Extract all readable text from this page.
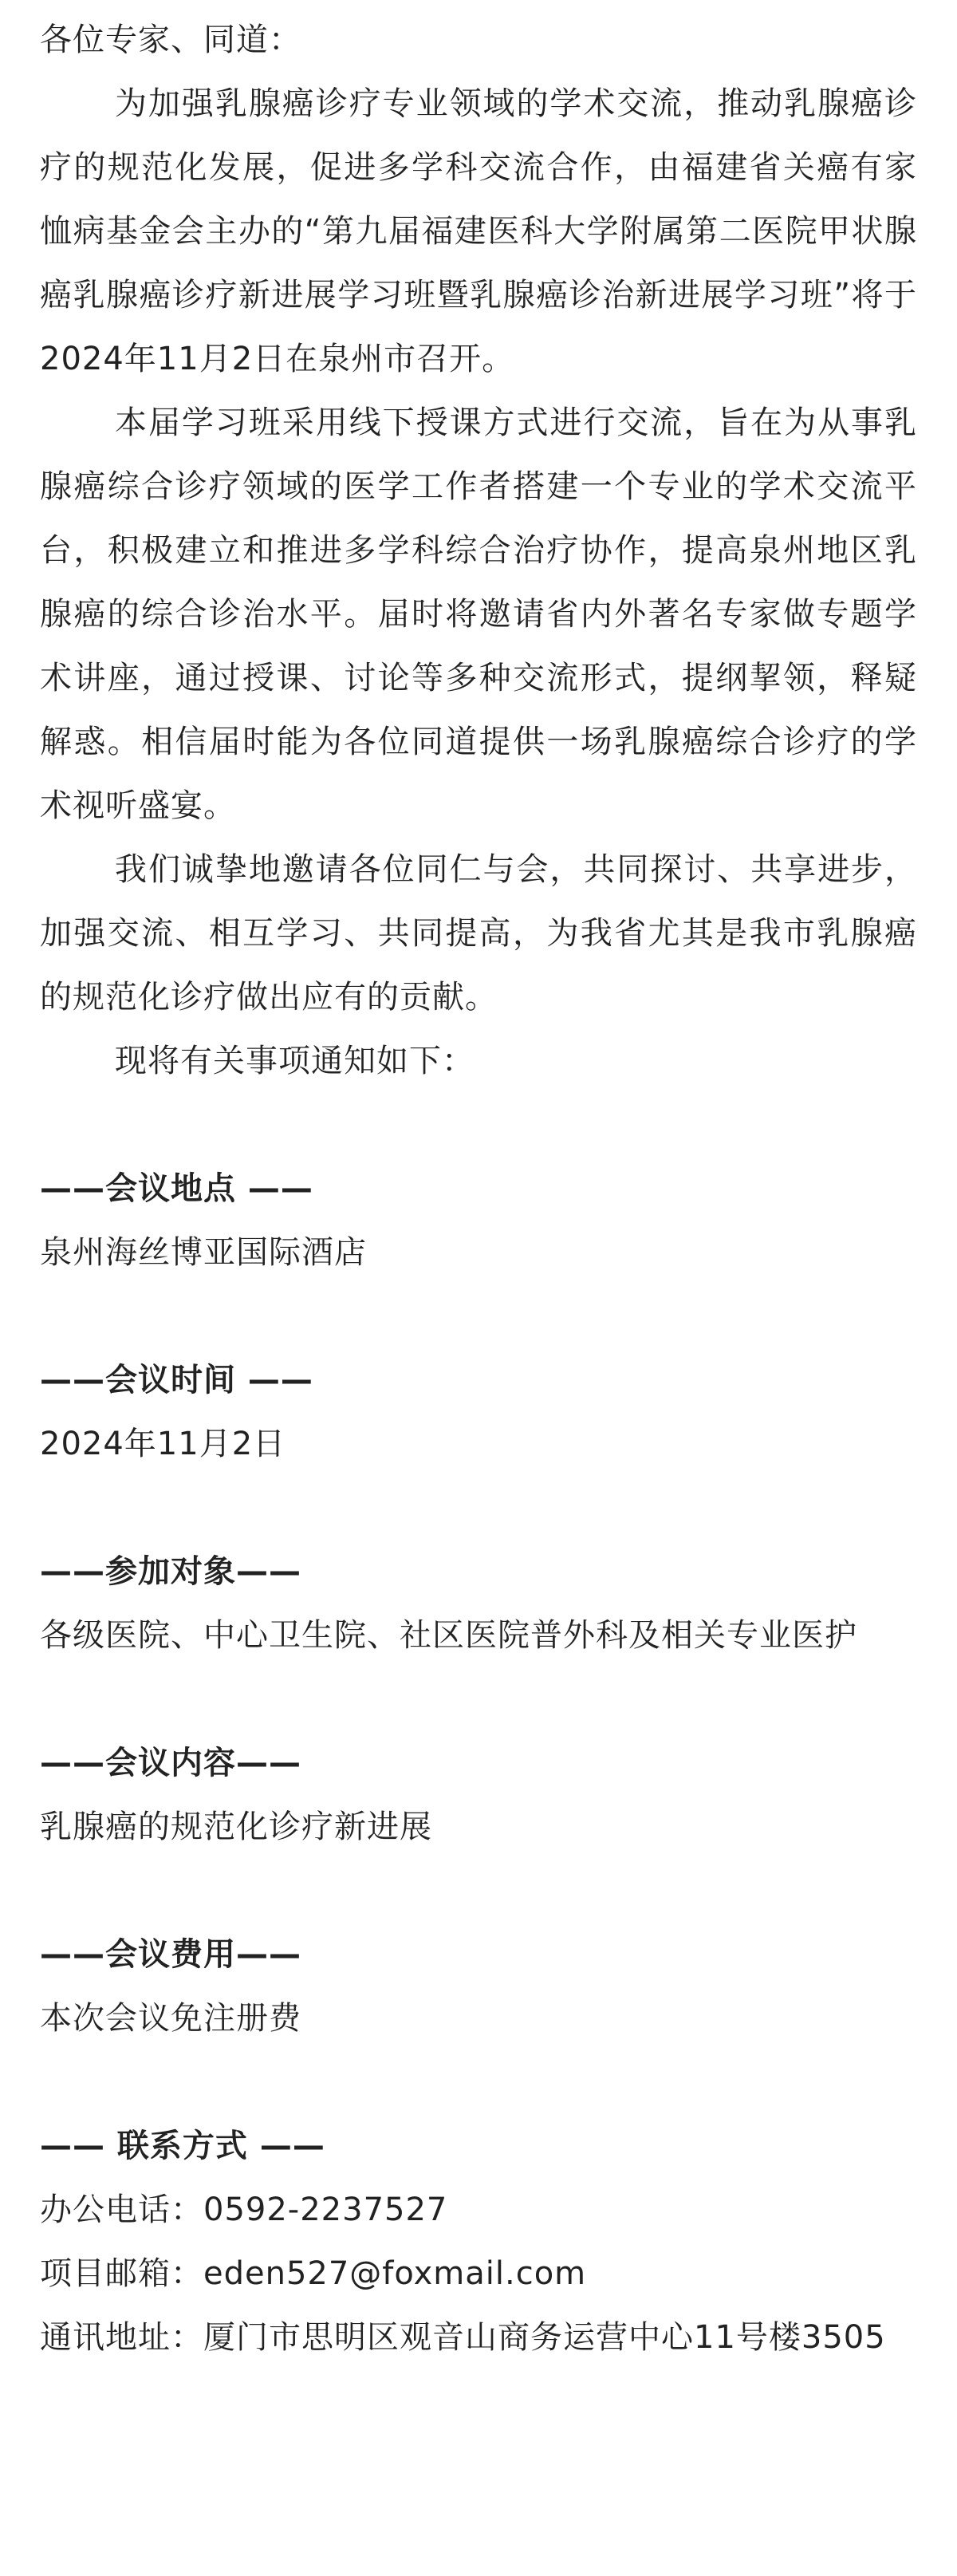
各位专家、同道：

为加强乳腺癌诊疗专业领域的学术交流，推动乳腺癌诊疗的规范化发展，促进多学科交流合作，由福建省关癌有家恤病基金会主办的“第九届福建医科大学附属第二医院甲状腺癌乳腺癌诊疗新进展学习班暨乳腺癌诊治新进展学习班”将于2024年11月2日在泉州市召开。

本届学习班采用线下授课方式进行交流，旨在为从事乳腺癌综合诊疗领域的医学工作者搭建一个专业的学术交流平台，积极建立和推进多学科综合治疗协作，提高泉州地区乳腺癌的综合诊治水平。届时将邀请省内外著名专家做专题学术讲座，通过授课、讨论等多种交流形式，提纲挈领，释疑解惑。相信届时能为各位同道提供一场乳腺癌综合诊疗的学术视听盛宴。

我们诚挚地邀请各位同仁与会，共同探讨、共享进步，加强交流、相互学习、共同提高，为我省尤其是我市乳腺癌的规范化诊疗做出应有的贡献。

现将有关事项通知如下：

——会议地点 ——

泉州海丝博亚国际酒店

——会议时间 ——

2024年11月2日

——参加对象——

各级医院、中心卫生院、社区医院普外科及相关专业医护

——会议内容——

乳腺癌的规范化诊疗新进展

——会议费用——

本次会议免注册费

—— 联系方式 ——

办公电话：0592-2237527

项目邮箱：eden527@foxmail.com

通讯地址：厦门市思明区观音山商务运营中心11号楼3505
